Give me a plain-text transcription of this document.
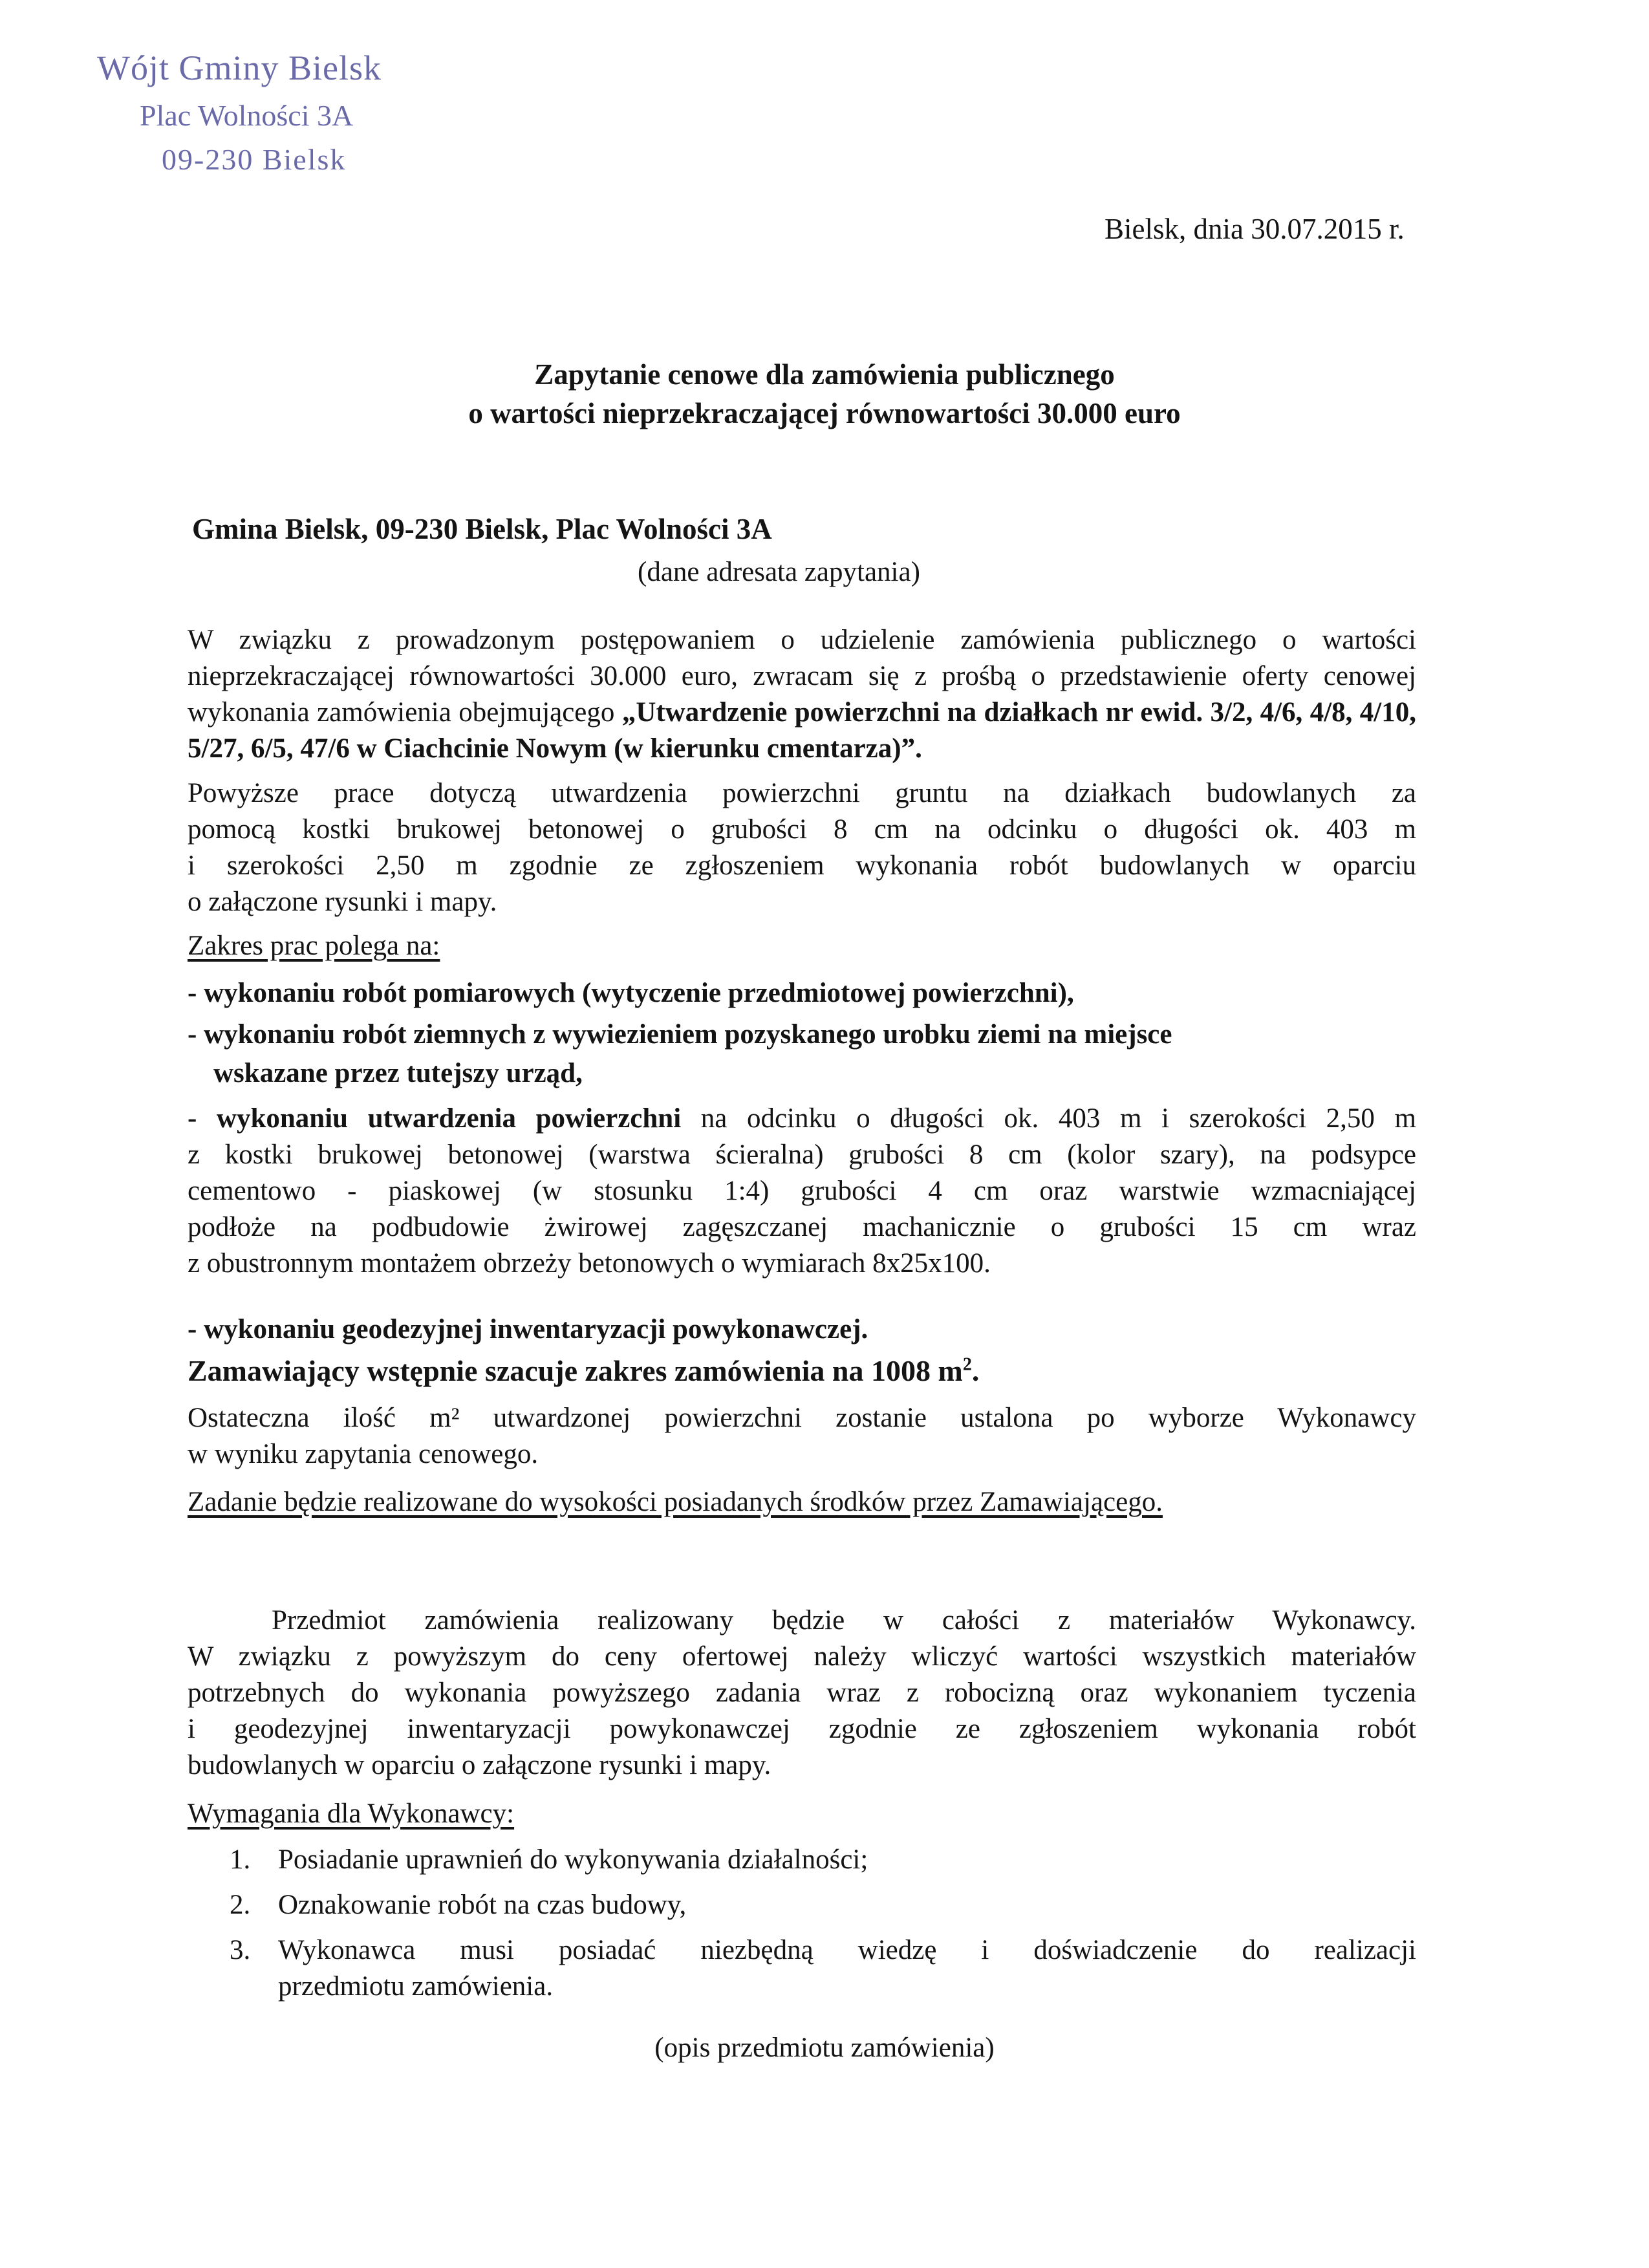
Wójt Gminy Bielsk
Plac Wolności 3A
09-230 Bielsk
Bielsk, dnia 30.07.2015 r.
Zapytanie cenowe dla zamówienia publicznego
o wartości nieprzekraczającej równowartości 30.000 euro
Gmina Bielsk, 09-230 Bielsk, Plac Wolności 3A
(dane adresata zapytania)
W związku z prowadzonym postępowaniem o udzielenie zamówienia publicznego o wartości nieprzekraczającej równowartości 30.000 euro, zwracam się z prośbą o przedstawienie oferty cenowej wykonania zamówienia obejmującego „Utwardzenie powierzchni na działkach nr ewid. 3/2, 4/6, 4/8, 4/10, 5/27, 6/5, 47/6 w Ciachcinie Nowym (w kierunku cmentarza)”.
Powyższe prace dotyczą utwardzenia powierzchni gruntu na działkach budowlanych za
pomocą kostki brukowej betonowej o grubości 8 cm na odcinku o długości ok. 403 m
i szerokości 2,50 m zgodnie ze zgłoszeniem wykonania robót budowlanych w oparciu
o załączone rysunki i mapy.
Zakres prac polega na:
- wykonaniu robót pomiarowych (wytyczenie przedmiotowej powierzchni),
- wykonaniu robót ziemnych z wywiezieniem pozyskanego urobku ziemi na miejsce
wskazane przez tutejszy urząd,
- wykonaniu utwardzenia powierzchni na odcinku o długości ok. 403 m i szerokości 2,50 m
z kostki brukowej betonowej (warstwa ścieralna) grubości 8 cm (kolor szary), na podsypce
cementowo - piaskowej (w stosunku 1:4) grubości 4 cm oraz warstwie wzmacniającej
podłoże na podbudowie żwirowej zagęszczanej machanicznie o grubości 15 cm wraz
z obustronnym montażem obrzeży betonowych o wymiarach 8x25x100.
- wykonaniu geodezyjnej inwentaryzacji powykonawczej.
Zamawiający wstępnie szacuje zakres zamówienia na 1008 $m^2$.
Ostateczna ilość m² utwardzonej powierzchni zostanie ustalona po wyborze Wykonawcy
w wyniku zapytania cenowego.
Zadanie będzie realizowane do wysokości posiadanych środków przez Zamawiającego.
Przedmiot zamówienia realizowany będzie w całości z materiałów Wykonawcy.
W związku z powyższym do ceny ofertowej należy wliczyć wartości wszystkich materiałów
potrzebnych do wykonania powyższego zadania wraz z robocizną oraz wykonaniem tyczenia
i geodezyjnej inwentaryzacji powykonawczej zgodnie ze zgłoszeniem wykonania robót
budowlanych w oparciu o załączone rysunki i mapy.
Wymagania dla Wykonawcy:
1. Posiadanie uprawnień do wykonywania działalności;
2. Oznakowanie robót na czas budowy,
3. Wykonawca musi posiadać niezbędną wiedzę i doświadczenie do realizacji
przedmiotu zamówienia.
(opis przedmiotu zamówienia)
